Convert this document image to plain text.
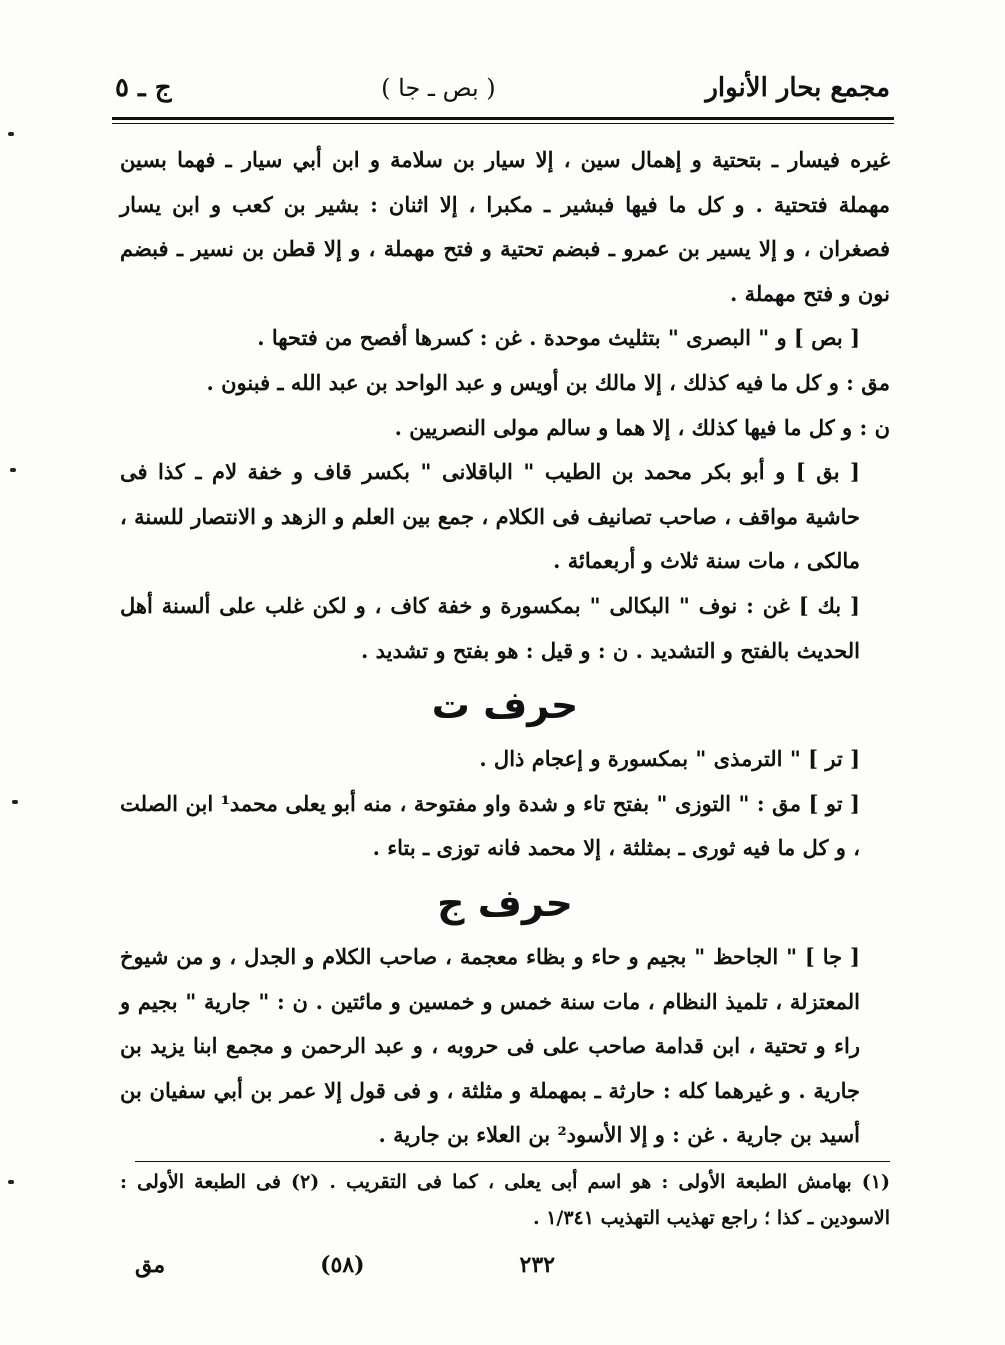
مجمع بحار الأنوار
( بص ـ جا )
ج ـ ٥

غيره فيسار ـ بتحتية و إهمال سين ، إلا سيار بن سلامة و ابن أبي سيار ـ فهما بسين مهملة فتحتية . و كل ما فيها فبشير ـ مكبرا ، إلا اثنان : بشير بن كعب و ابن يسار فصغران ، و إلا يسير بن عمرو ـ فبضم تحتية و فتح مهملة ، و إلا قطن بن نسير ـ فبضم نون و فتح مهملة .

[ بص ] و " البصرى " بتثليث موحدة . غن : كسرها أفصح من فتحها .

مق : و كل ما فيه كذلك ، إلا مالك بن أويس و عبد الواحد بن عبد الله ـ فبنون .

ن : و كل ما فيها كذلك ، إلا هما و سالم مولى النصريين .

[ بق ] و أبو بكر محمد بن الطيب " الباقلانى " بكسر قاف و خفة لام ـ كذا فى حاشية مواقف ، صاحب تصانيف فى الكلام ، جمع بين العلم و الزهد و الانتصار للسنة ، مالكى ، مات سنة ثلاث و أربعمائة .

[ بك ] غن : نوف " البكالى " بمكسورة و خفة كاف ، و لكن غلب على ألسنة أهل الحديث بالفتح و التشديد . ن : و قيل : هو بفتح و تشديد .

حرف ت

[ تر ] " الترمذى " بمكسورة و إعجام ذال .

[ تو ] مق : " التوزى " بفتح تاء و شدة واو مفتوحة ، منه أبو يعلى محمد¹ ابن الصلت ، و كل ما فيه ثورى ـ بمثلثة ، إلا محمد فانه توزى ـ بتاء .

حرف ج

[ جا ] " الجاحظ " بجيم و حاء و بظاء معجمة ، صاحب الكلام و الجدل ، و من شيوخ المعتزلة ، تلميذ النظام ، مات سنة خمس و خمسين و مائتين . ن : " جارية " بجيم و راء و تحتية ، ابن قدامة صاحب على فى حروبه ، و عبد الرحمن و مجمع ابنا يزيد بن جارية . و غيرهما كله : حارثة ـ بمهملة و مثلثة ، و فى قول إلا عمر بن أبي سفيان بن أسيد بن جارية . غن : و إلا الأسود² بن العلاء بن جارية .

(١) بهامش الطبعة الأولى : هو اسم أبى يعلى ، كما فى التقريب . (٢) فى الطبعة الأولى : الاسودين ـ كذا ؛ راجع تهذيب التهذيب ١/٣٤١ .

٢٣٢
(٥٨)
مق
